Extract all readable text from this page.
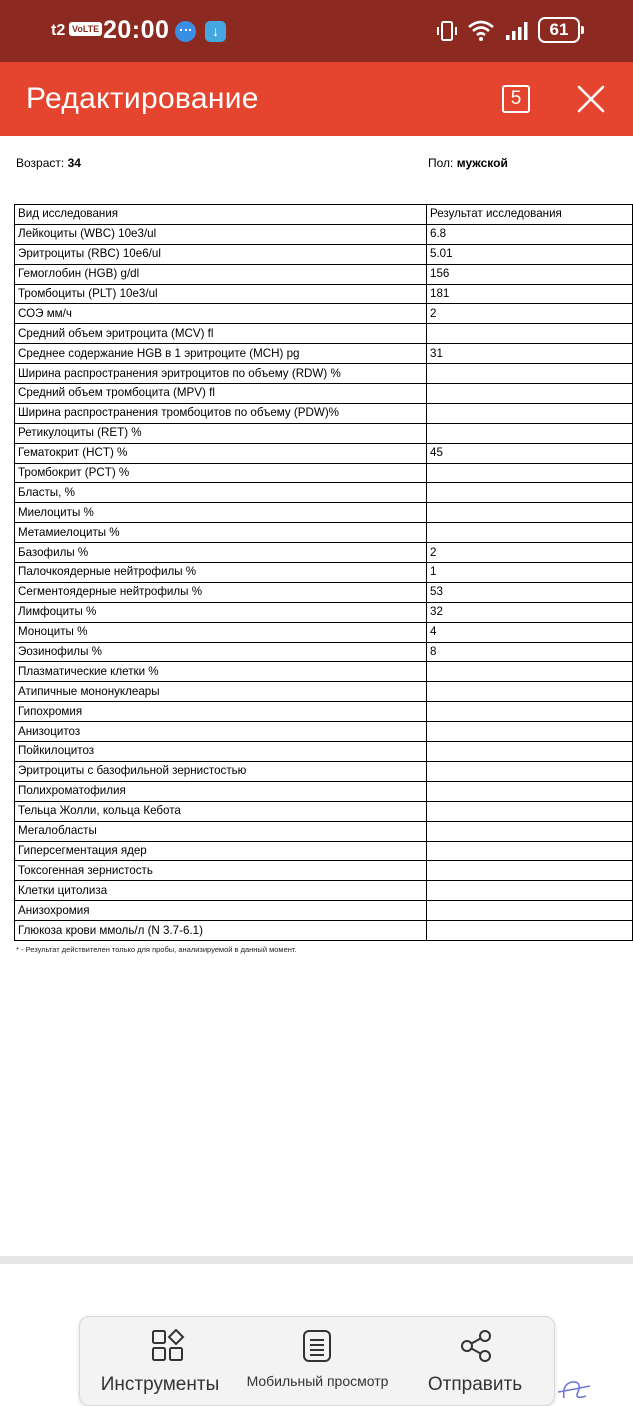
t2 VoLTE 20:00	↓	61
Редактирование	5
Возраст: 34	Пол: мужской
Вид исследования	Результат исследования
Лейкоциты (WBC) 10e3/ul	6.8
Эритроциты (RBC) 10e6/ul	5.01
Гемоглобин (HGB) g/dl	156
Тромбоциты (PLT) 10e3/ul	181
СОЭ мм/ч	2
Средний объем эритроцита (MCV) fl	
Среднее содержание HGB в 1 эритроците (MCH) pg	31
Ширина распространения эритроцитов по объему (RDW) %	
Средний объем тромбоцита (MPV) fl	
Ширина распространения тромбоцитов по объему (PDW)%	
Ретикулоциты (RET) %	
Гематокрит (HCT) %	45
Тромбокрит (PCT) %	
Бласты, %	
Миелоциты %	
Метамиелоциты %	
Базофилы %	2
Палочкоядерные нейтрофилы %	1
Сегментоядерные нейтрофилы %	53
Лимфоциты %	32
Моноциты %	4
Эозинофилы %	8
Плазматические клетки %	
Атипичные мононуклеары	
Гипохромия	
Анизоцитоз	
Пойкилоцитоз	
Эритроциты с базофильной зернистостью	
Полихроматофилия	
Тельца Жолли, кольца Кебота	
Мегалобласты	
Гиперсегментация ядер	
Токсогенная зернистость	
Клетки цитолиза	
Анизохромия	
Глюкоза крови ммоль/л (N 3.7-6.1)	
* - Результат действителен только для пробы, анализируемой в данный момент.
Инструменты	Мобильный просмотр	Отправить
